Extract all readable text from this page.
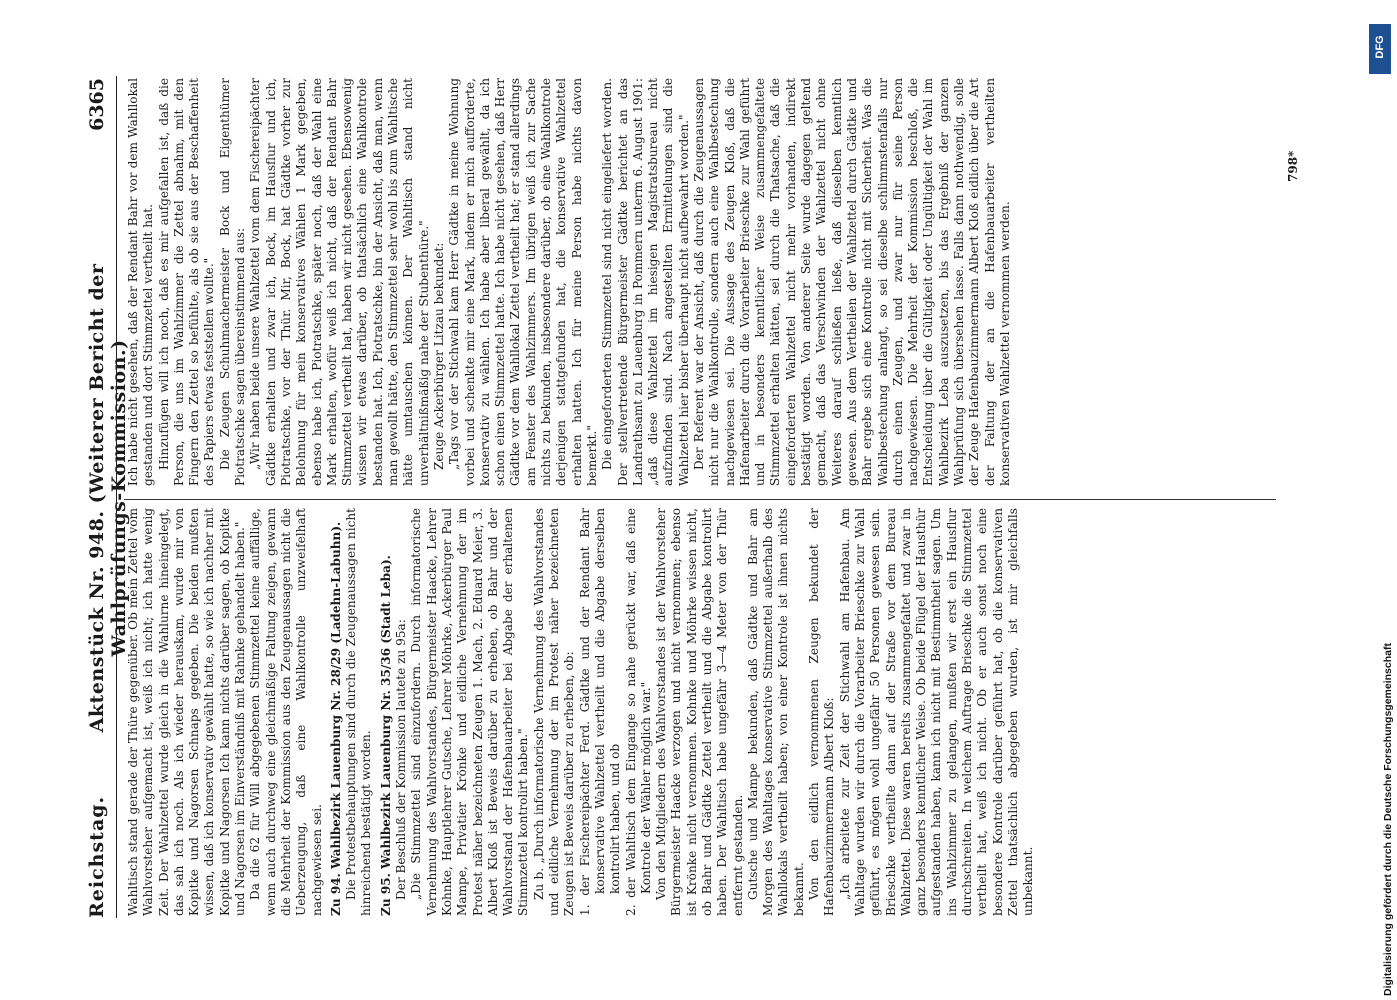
Reichstag.
Aktenstück Nr. 948. (Weiterer Bericht der Wahlprüfungs-Kommission.)
6365

Wahltisch stand gerade der Thüre gegenüber. Ob mein Zettel vom Wahlvorsteher aufgemacht ist, weiß ich nicht; ich hatte wenig Zeit. Der Wahlzettel wurde gleich in die Wahlurne hineingelegt, das sah ich noch. Als ich wieder herauskam, wurde mir von Kopitke und Nagorsen Schnaps gegeben. Die beiden mußten wissen, daß ich konservativ gewählt hatte, so wie ich nachher mit Kopitke und Nagorsen Ich kann nichts darüber sagen, ob Kopitke und Nagorsen im Einverständniß mit Rahnke gehandelt haben." Da die 62 für Will abgegebenen Stimmzettel keine auffällige, wenn auch durchweg eine gleichmäßige Faltung zeigen, gewann die Mehrheit der Kommission aus den Zeugenaussagen nicht die Ueberzeugung, daß eine Wahlkontrolle unzweifelhaft nachgewiesen sei. Zu 94. Wahlbezirk Lauenburg Nr. 28/29 (Ladehn-Labuhn). Die Protestbehauptungen sind durch die Zeugenaussagen nicht hinreichend bestätigt worden. Zu 95. Wahlbezirk Lauenburg Nr. 35/36 (Stadt Leba). Der Beschluß der Kommission lautete zu 95a: „Die Stimmzettel sind einzufordern. Durch informatorische Vernehmung des Wahlvorstandes, Bürgermeister Haacke, Lehrer Kohnke, Hauptlehrer Gutsche, Lehrer Möhrke, Ackerbürger Paul Mampe, Privatier Krönke und eidliche Vernehmung der im Protest näher bezeichneten Zeugen 1. Mach, 2. Eduard Meier, 3. Albert Kloß ist Beweis darüber zu erheben, ob Bahr und der Wahlvorstand der Hafenbauarbeiter bei Abgabe der erhaltenen Stimmzettel kontrolirt haben." Zu b. „Durch informatorische Vernehmung des Wahlvorstandes und eidliche Vernehmung der im Protest näher bezeichneten Zeugen ist Beweis darüber zu erheben, ob: 1. der Fischereipächter Ferd. Gädtke und der Rendant Bahr konservative Wahlzettel vertheilt und die Abgabe derselben kontrolirt haben, und ob 2. der Wahltisch dem Eingange so nahe gerückt war, daß eine Kontrole der Wähler möglich war." Von den Mitgliedern des Wahlvorstandes ist der Wahlvorsteher Bürgermeister Haacke verzogen und nicht vernommen; ebenso ist Krönke nicht vernommen. Kohnke und Möhrke wissen nicht, ob Bahr und Gädtke Zettel vertheilt und die Abgabe kontrolirt haben. Der Wahltisch habe ungefähr 3—4 Meter von der Thür entfernt gestanden. Gutsche und Mampe bekunden, daß Gädtke und Bahr am Morgen des Wahltages konservative Stimmzettel außerhalb des Wahllokals vertheilt haben; von einer Kontrole ist ihnen nichts bekannt. Von den eidlich vernommenen Zeugen bekundet der Hafenbauzimmermann Albert Kloß: „Ich arbeitete zur Zeit der Stichwahl am Hafenbau. Am Wahltage wurden wir durch die Vorarbeiter Brieschke zur Wahl geführt, es mögen wohl ungefähr 50 Personen gewesen sein. Brieschke vertheilte dann auf der Straße vor dem Bureau Wahlzettel. Diese waren bereits zusammengefaltet und zwar in ganz besonders kenntlicher Weise. Ob beide Flügel der Hausthür aufgestanden haben, kann ich nicht mit Bestimmtheit sagen. Um ins Wahlzimmer zu gelangen, mußten wir erst ein Hausflur durchschreiten. In welchem Auftrage Brieschke die Stimmzettel vertheilt hat, weiß ich nicht. Ob er auch sonst noch eine besondere Kontrole darüber geführt hat, ob die konservativen Zettel thatsächlich abgegeben wurden, ist mir gleichfalls unbekannt.

Ich habe nicht gesehen, daß der Rendant Bahr vor dem Wahllokal gestanden und dort Stimmzettel vertheilt hat. Hinzufügen will ich noch, daß es mir aufgefallen ist, daß die Person, die uns im Wahlzimmer die Zettel abnahm, mit den Fingern den Zettel so befühlte, als ob sie aus der Beschaffenheit des Papiers etwas feststellen wollte." Die Zeugen Schuhmachermeister Bock und Eigenthümer Piotratschke sagen übereinstimmend aus: „Wir haben beide unsere Wahlzettel vom dem Fischereipächter Gädtke erhalten und zwar ich, Bock, im Hausflur und ich, Piotratschke, vor der Thür. Mir, Bock, hat Gädtke vorher zur Belohnung für mein konservatives Wählen 1 Mark gegeben, ebenso habe ich, Piotratschke, später noch, daß der Wahl eine Mark erhalten, wofür weiß ich nicht, daß der Rendant Bahr Stimmzettel vertheilt hat, haben wir nicht gesehen. Ebensowenig wissen wir etwas darüber, ob thatsächlich eine Wahlkontrole bestanden hat. Ich, Piotratschke, bin der Ansicht, daß man, wenn man gewollt hätte, den Stimmzettel sehr wohl bis zum Wahltische hätte umtauschen können. Der Wahltisch stand nicht unverhältnißmäßig nahe der Stubenthüre." Zeuge Ackerbürger Litzau bekundet: „Tags vor der Stichwahl kam Herr Gädtke in meine Wohnung vorbei und schenkte mir eine Mark, indem er mich aufforderte, konservativ zu wählen. Ich habe aber liberal gewählt, da ich schon einen Stimmzettel hatte. Ich habe nicht gesehen, daß Herr Gädtke vor dem Wahllokal Zettel vertheilt hat; er stand allerdings am Fenster des Wahlzimmers. Im übrigen weiß ich zur Sache nichts zu bekunden, insbesondere darüber, ob eine Wahlkontrole derjenigen stattgefunden hat, die konservative Wahlzettel erhalten hatten. Ich für meine Person habe nichts davon bemerkt." Die eingeforderten Stimmzettel sind nicht eingeliefert worden. Der stellvertretende Bürgermeister Gädtke berichtet an das Landrathsamt zu Lauenburg in Pommern unterm 6. August 1901: „daß diese Wahlzettel im hiesigen Magistratsbureau nicht aufzufinden sind. Nach angestellten Ermittelungen sind die Wahlzettel hier bisher überhaupt nicht aufbewahrt worden." Der Referent war der Ansicht, daß durch die Zeugenaussagen nicht nur die Wahlkontrolle, sondern auch eine Wahlbestechung nachgewiesen sei. Die Aussage des Zeugen Kloß, daß die Hafenarbeiter durch die Vorarbeiter Brieschke zur Wahl geführt und in besonders kenntlicher Weise zusammengefaltete Stimmzettel erhalten hätten, sei durch die Thatsache, daß die eingeforderten Wahlzettel nicht mehr vorhanden, indirekt bestätigt worden. Von anderer Seite wurde dagegen geltend gemacht, daß das Verschwinden der Wahlzettel nicht ohne Weiteres darauf schließen ließe, daß dieselben kenntlich gewesen. Aus dem Vertheilen der Wahlzettel durch Gädtke und Bahr ergebe sich eine Kontrolle nicht mit Sicherheit. Was die Wahlbestechung anlangt, so sei dieselbe schlimmstenfalls nur durch einen Zeugen, und zwar nur für seine Person nachgewiesen. Die Mehrheit der Kommission beschloß, die Entscheidung über die Gültigkeit oder Ungültigkeit der Wahl im Wahlbezirk Leba auszusetzen, bis das Ergebniß der ganzen Wahlprüfung sich übersehen lasse. Falls dann nothwendig, solle der Zeuge Hafenbauzimmermann Albert Kloß eidlich über die Art der Faltung der an die Hafenbauarbeiter vertheilten konservativen Wahlzettel vernommen werden.

798*
Digitalisierung gefördert durch die Deutsche Forschungsgemeinschaft
DFG
